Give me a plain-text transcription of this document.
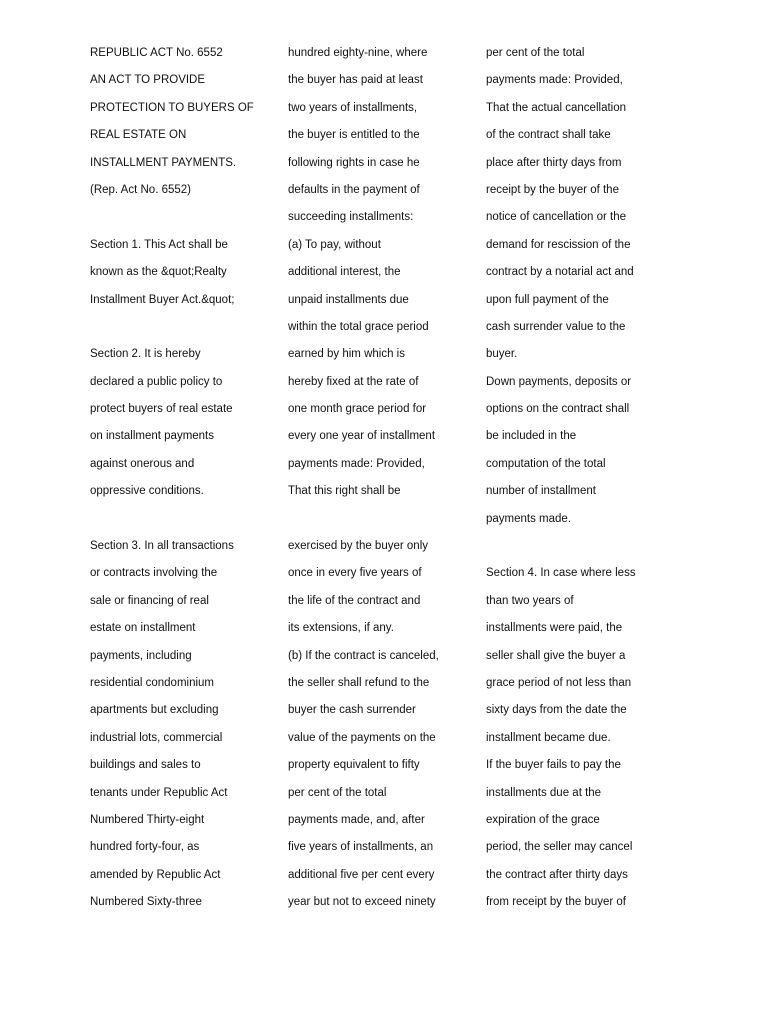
REPUBLIC ACT No. 6552
AN ACT TO PROVIDE
PROTECTION TO BUYERS OF
REAL ESTATE ON
INSTALLMENT PAYMENTS.
(Rep. Act No. 6552)
Section 1. This Act shall be
known as the &quot;Realty
Installment Buyer Act.&quot;
Section 2. It is hereby
declared a public policy to
protect buyers of real estate
on installment payments
against onerous and
oppressive conditions.
Section 3. In all transactions
or contracts involving the
sale or financing of real
estate on installment
payments, including
residential condominium
apartments but excluding
industrial lots, commercial
buildings and sales to
tenants under Republic Act
Numbered Thirty-eight
hundred forty-four, as
amended by Republic Act
Numbered Sixty-three
hundred eighty-nine, where
the buyer has paid at least
two years of installments,
the buyer is entitled to the
following rights in case he
defaults in the payment of
succeeding installments:
(a) To pay, without
additional interest, the
unpaid installments due
within the total grace period
earned by him which is
hereby fixed at the rate of
one month grace period for
every one year of installment
payments made: Provided,
That this right shall be
exercised by the buyer only
once in every five years of
the life of the contract and
its extensions, if any.
(b) If the contract is canceled,
the seller shall refund to the
buyer the cash surrender
value of the payments on the
property equivalent to fifty
per cent of the total
payments made, and, after
five years of installments, an
additional five per cent every
year but not to exceed ninety
per cent of the total
payments made: Provided,
That the actual cancellation
of the contract shall take
place after thirty days from
receipt by the buyer of the
notice of cancellation or the
demand for rescission of the
contract by a notarial act and
upon full payment of the
cash surrender value to the
buyer.
Down payments, deposits or
options on the contract shall
be included in the
computation of the total
number of installment
payments made.
Section 4. In case where less
than two years of
installments were paid, the
seller shall give the buyer a
grace period of not less than
sixty days from the date the
installment became due.
If the buyer fails to pay the
installments due at the
expiration of the grace
period, the seller may cancel
the contract after thirty days
from receipt by the buyer of
